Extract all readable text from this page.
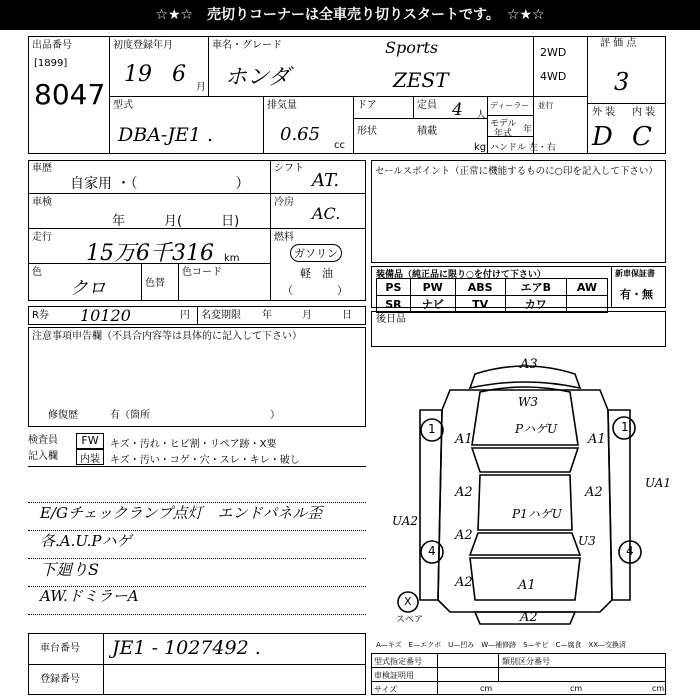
☆★☆　売切りコーナーは全車売り切りスタートです。　☆★☆
出品番号
[1899]
8047
初度登録年月
19 6
月
車名・グレード
ホンダ
Sports
ZEST
2WD
4WD
評 価 点
3
外 装 内 装
D C
型式
DBA-JE1 .
排気量
0.65
cc
ドア	定員 4 人
形状	積載
kg
ディーラー・並行
モデル
年式 年
ハンドル 左・右
車歴
自家用 ・（　　　　　　　）
車検
年　　　月(　　　日)
走行
15万6千316 km
色
クロ	色替
色コード
シフト
AT.
冷房
AC.
燃料
ガソリン
軽　油
（　　　　）
R券 10120	円 名変期限 年　　　月　　　日
注意事項申告欄（不具合内容等は具体的に記入して下さい）
修復歴	有（箇所　　　　　　　　　　　　）
検査員
記入欄
FW
内装
キズ・汚れ・ヒビ割・リペア跡・X要
キズ・汚い・コゲ・穴・スレ・キレ・破し
E/Gチェックランプ点灯　エンドパネル歪
各.A.U.Pハゲ
下廻りS
AW.ドミラーA
車台番号 JE1 - 1027492 .
登録番号
セールスポイント（正常に機能するものに○印を記入して下さい）
装備品（純正品に限り○を付けて下さい）
PS	PW	ABS	エアB	AW
SR	ナビ	TV	カワ	
新車保証書
有・無
後日品
A3
W3
PハゲU
P1ハゲU
A1	A1
A2	A2
UA1
UA2
A2	U3
A2	A1
A2
1	1
4	4
X
スペア
A—キズ　E—エクボ　U—凹み　W—補修跡　S—サビ　C—腐食　XX—交換済
型式指定番号	類別区分番号
車検証明用
サイズ	cm	cm	cm
